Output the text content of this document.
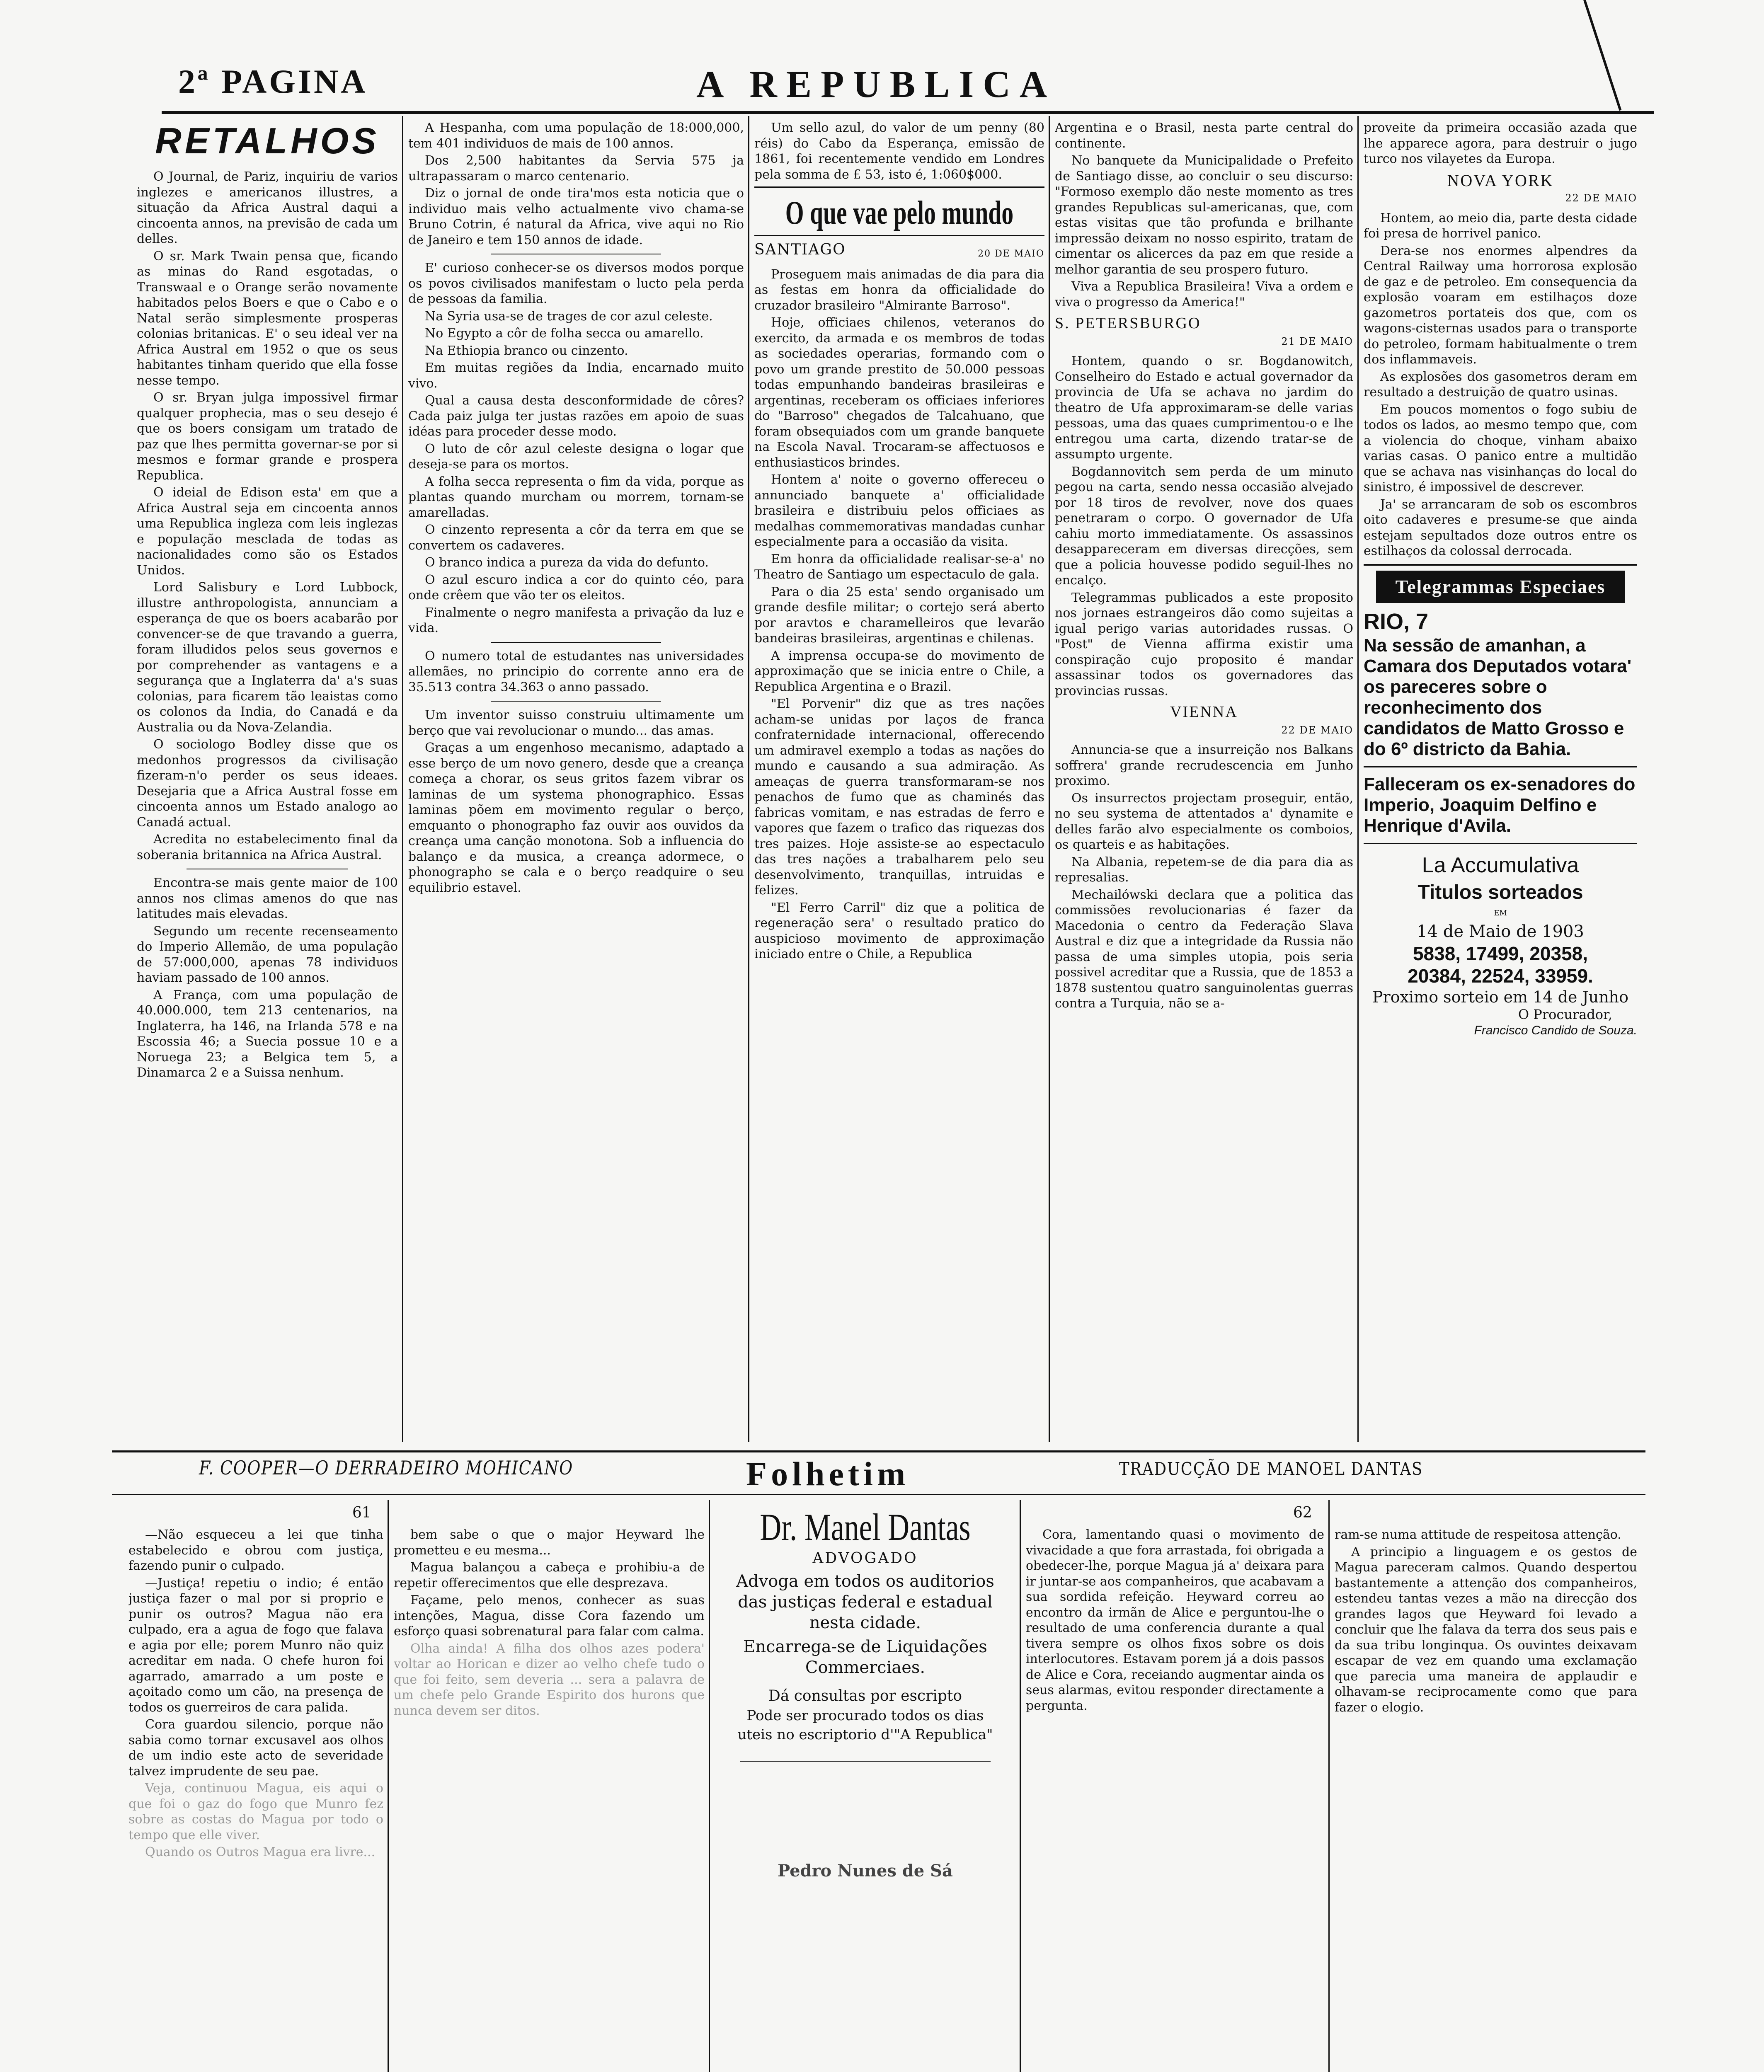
2ª PAGINA	A REPUBLICA
RETALHOS

O Journal, de Pariz, inquiriu de varios inglezes e americanos illustres, a situação da Africa Austral daqui a cincoenta annos, na previsão de cada um delles.

O sr. Mark Twain pensa que, ficando as minas do Rand esgotadas, o Transwaal e o Orange serão novamente habitados pelos Boers e que o Cabo e o Natal serão simplesmente prosperas colonias britanicas. E' o seu ideal ver na Africa Austral em 1952 o que os seus habitantes tinham querido que ella fosse nesse tempo.

O sr. Bryan julga impossivel firmar qualquer prophecia, mas o seu desejo é que os boers consigam um tratado de paz que lhes permitta governar-se por si mesmos e formar grande e prospera Republica.

O ideial de Edison esta' em que a Africa Austral seja em cincoenta annos uma Republica ingleza com leis inglezas e população mesclada de todas as nacionalidades como são os Estados Unidos.

Lord Salisbury e Lord Lubbock, illustre anthropologista, annunciam a esperança de que os boers acabarão por convencer-se de que travando a guerra, foram illudidos pelos seus governos e por comprehender as vantagens e a segurança que a Inglaterra da' a's suas colonias, para ficarem tão leaistas como os colonos da India, do Canadá e da Australia ou da Nova-Zelandia.

O sociologo Bodley disse que os medonhos progressos da civilisação fizeram-n'o perder os seus ideaes. Desejaria que a Africa Austral fosse em cincoenta annos um Estado analogo ao Canadá actual.

Acredita no estabelecimento final da soberania britannica na Africa Austral.

Encontra-se mais gente maior de 100 annos nos climas amenos do que nas latitudes mais elevadas.

Segundo um recente recenseamento do Imperio Allemão, de uma população de 57:000,000, apenas 78 individuos haviam passado de 100 annos.

A França, com uma população de 40.000.000, tem 213 centenarios, na Inglaterra, ha 146, na Irlanda 578 e na Escossia 46; a Suecia possue 10 e a Noruega 23; a Belgica tem 5, a Dinamarca 2 e a Suissa nenhum.

A Hespanha, com uma população de 18:000,000, tem 401 individuos de mais de 100 annos.

Dos 2,500 habitantes da Servia 575 ja ultrapassaram o marco centenario.

Diz o jornal de onde tira'mos esta noticia que o individuo mais velho actualmente vivo chama-se Bruno Cotrin, é natural da Africa, vive aqui no Rio de Janeiro e tem 150 annos de idade.

E' curioso conhecer-se os diversos modos porque os povos civilisados manifestam o lucto pela perda de pessoas da familia.

Na Syria usa-se de trages de cor azul celeste.

No Egypto a côr de folha secca ou amarello.

Na Ethiopia branco ou cinzento.

Em muitas regiões da India, encarnado muito vivo.

Qual a causa desta desconformidade de côres? Cada paiz julga ter justas razões em apoio de suas idéas para proceder desse modo.

O luto de côr azul celeste designa o logar que deseja-se para os mortos.

A folha secca representa o fim da vida, porque as plantas quando murcham ou morrem, tornam-se amarelladas.

O cinzento representa a côr da terra em que se convertem os cadaveres.

O branco indica a pureza da vida do defunto.

O azul escuro indica a cor do quinto céo, para onde crêem que vão ter os eleitos.

Finalmente o negro manifesta a privação da luz e vida.

O numero total de estudantes nas universidades allemães, no principio do corrente anno era de 35.513 contra 34.363 o anno passado.

Um inventor suisso construiu ultimamente um berço que vai revolucionar o mundo... das amas.

Graças a um engenhoso mecanismo, adaptado a esse berço de um novo genero, desde que a creança começa a chorar, os seus gritos fazem vibrar os laminas de um systema phonographico. Essas laminas põem em movimento regular o berço, emquanto o phonographo faz ouvir aos ouvidos da creança uma canção monotona. Sob a influencia do balanço e da musica, a creança adormece, o phonographo se cala e o berço readquire o seu equilibrio estavel.

Um sello azul, do valor de um penny (80 réis) do Cabo da Esperança, emissão de 1861, foi recentemente vendido em Londres pela somma de £ 53, isto é, 1:060$000.

O que vae pelo mundo
SANTIAGO	20 DE MAIO

Proseguem mais animadas de dia para dia as festas em honra da officialidade do cruzador brasileiro "Almirante Barroso".

Hoje, officiaes chilenos, veteranos do exercito, da armada e os membros de todas as sociedades operarias, formando com o povo um grande prestito de 50.000 pessoas todas empunhando bandeiras brasileiras e argentinas, receberam os officiaes inferiores do "Barroso" chegados de Talcahuano, que foram obsequiados com um grande banquete na Escola Naval. Trocaram-se affectuosos e enthusiasticos brindes.

Hontem a' noite o governo offereceu o annunciado banquete a' officialidade brasileira e distribuiu pelos officiaes as medalhas commemorativas mandadas cunhar especialmente para a occasião da visita.

Em honra da officialidade realisar-se-a' no Theatro de Santiago um espectaculo de gala.

Para o dia 25 esta' sendo organisado um grande desfile militar; o cortejo será aberto por aravtos e charamelleiros que levarão bandeiras brasileiras, argentinas e chilenas.

A imprensa occupa-se do movimento de approximação que se inicia entre o Chile, a Republica Argentina e o Brazil.

"El Porvenir" diz que as tres nações acham-se unidas por laços de franca confraternidade internacional, offerecendo um admiravel exemplo a todas as nações do mundo e causando a sua admiração. As ameaças de guerra transformaram-se nos penachos de fumo que as chaminés das fabricas vomitam, e nas estradas de ferro e vapores que fazem o trafico das riquezas dos tres paizes. Hoje assiste-se ao espectaculo das tres nações a trabalharem pelo seu desenvolvimento, tranquillas, intruidas e felizes.

"El Ferro Carril" diz que a politica de regeneração sera' o resultado pratico do auspicioso movimento de approximação iniciado entre o Chile, a Republica

Argentina e o Brasil, nesta parte central do continente.

No banquete da Municipalidade o Prefeito de Santiago disse, ao concluir o seu discurso: "Formoso exemplo dão neste momento as tres grandes Republicas sul-americanas, que, com estas visitas que tão profunda e brilhante impressão deixam no nosso espirito, tratam de cimentar os alicerces da paz em que reside a melhor garantia de seu prospero futuro.

Viva a Republica Brasileira! Viva a ordem e viva o progresso da America!"

S. PETERSBURGO
21 DE MAIO

Hontem, quando o sr. Bogdanowitch, Conselheiro do Estado e actual governador da provincia de Ufa se achava no jardim do theatro de Ufa approximaram-se delle varias pessoas, uma das quaes cumprimentou-o e lhe entregou uma carta, dizendo tratar-se de assumpto urgente.

Bogdannovitch sem perda de um minuto pegou na carta, sendo nessa occasião alvejado por 18 tiros de revolver, nove dos quaes penetraram o corpo. O governador de Ufa cahiu morto immediatamente. Os assassinos desappareceram em diversas direcções, sem que a policia houvesse podido seguil-lhes no encalço.

Telegrammas publicados a este proposito nos jornaes estrangeiros dão como sujeitas a igual perigo varias autoridades russas. O "Post" de Vienna affirma existir uma conspiração cujo proposito é mandar assassinar todos os governadores das provincias russas.

VIENNA
22 DE MAIO

Annuncia-se que a insurreição nos Balkans soffrera' grande recrudescencia em Junho proximo.

Os insurrectos projectam proseguir, então, no seu systema de attentados a' dynamite e delles farão alvo especialmente os comboios, os quarteis e as habitações.

Na Albania, repetem-se de dia para dia as represalias.

Mechailówski declara que a politica das commissões revolucionarias é fazer da Macedonia o centro da Federação Slava Austral e diz que a integridade da Russia não passa de uma simples utopia, pois seria possivel acreditar que a Russia, que de 1853 a 1878 sustentou quatro sanguinolentas guerras contra a Turquia, não se a-

proveite da primeira occasião azada que lhe apparece agora, para destruir o jugo turco nos vilayetes da Europa.

NOVA YORK
22 DE MAIO

Hontem, ao meio dia, parte desta cidade foi presa de horrivel panico.

Dera-se nos enormes alpendres da Central Railway uma horrorosa explosão de gaz e de petroleo. Em consequencia da explosão voaram em estilhaços doze gazometros portateis dos que, com os wagons-cisternas usados para o transporte do petroleo, formam habitualmente o trem dos inflammaveis.

As explosões dos gasometros deram em resultado a destruição de quatro usinas.

Em poucos momentos o fogo subiu de todos os lados, ao mesmo tempo que, com a violencia do choque, vinham abaixo varias casas. O panico entre a multidão que se achava nas visinhanças do local do sinistro, é impossivel de descrever.

Ja' se arrancaram de sob os escombros oito cadaveres e presume-se que ainda estejam sepultados doze outros entre os estilhaços da colossal derrocada.

Telegrammas Especiaes
RIO, 7
Na sessão de amanhan, a Camara dos Deputados votara' os pareceres sobre o reconhecimento dos candidatos de Matto Grosso e do 6º districto da Bahia.
Falleceram os ex-senadores do Imperio, Joaquim Delfino e Henrique d'Avila.
La Accumulativa
Titulos sorteados
EM
14 de Maio de 1903
5838, 17499, 20358,
20384, 22524, 33959.
Proximo sorteio em 14 de Junho
O Procurador,
Francisco Candido de Souza.
F. COOPER—O DERRADEIRO MOHICANO	Folhetim	TRADUCÇÃO DE MANOEL DANTAS
61	62

—Não esqueceu a lei que tinha estabelecido e obrou com justiça, fazendo punir o culpado.

—Justiça! repetiu o indio; é então justiça fazer o mal por si proprio e punir os outros? Magua não era culpado, era a agua de fogo que falava e agia por elle; porem Munro não quiz acreditar em nada. O chefe huron foi agarrado, amarrado a um poste e açoitado como um cão, na presença de todos os guerreiros de cara palida.

Cora guardou silencio, porque não sabia como tornar excusavel aos olhos de um indio este acto de severidade talvez imprudente de seu pae.

Veja, continuou Magua, eis aqui o que foi o gaz do fogo que Munro fez sobre as costas do Magua por todo o tempo que elle viver.

Quando os Outros Magua era livre...

bem sabe o que o major Heyward lhe prometteu e eu mesma...

Magua balançou a cabeça e prohibiu-a de repetir offerecimentos que elle desprezava.

Façame, pelo menos, conhecer as suas intenções, Magua, disse Cora fazendo um esforço quasi sobrenatural para falar com calma.

Olha ainda! A filha dos olhos azes podera' voltar ao Horican e dizer ao velho chefe tudo o que foi feito, sem deveria ... sera a palavra de um chefe pelo Grande Espirito dos hurons que nunca devem ser ditos.

Dr. Manel Dantas
ADVOGADO
Advoga em todos os auditorios das justiças federal e estadual nesta cidade.
Encarrega-se de Liquidações Commerciaes.
Dá consultas por escripto
Pode ser procurado todos os dias uteis no escriptorio d'"A Republica"
Pedro Nunes de Sá

Cora, lamentando quasi o movimento de vivacidade a que fora arrastada, foi obrigada a obedecer-lhe, porque Magua já a' deixara para ir juntar-se aos companheiros, que acabavam a sua sordida refeição. Heyward correu ao encontro da irmãn de Alice e perguntou-lhe o resultado de uma conferencia durante a qual tivera sempre os olhos fixos sobre os dois interlocutores. Estavam porem já a dois passos de Alice e Cora, receiando augmentar ainda os seus alarmas, evitou responder directamente a pergunta.

ram-se numa attitude de respeitosa attenção.

A principio a linguagem e os gestos de Magua pareceram calmos. Quando despertou bastantemente a attenção dos companheiros, estendeu tantas vezes a mão na direcção dos grandes lagos que Heyward foi levado a concluir que lhe falava da terra dos seus pais e da sua tribu longinqua. Os ouvintes deixavam escapar de vez em quando uma exclamação que parecia uma maneira de applaudir e olhavam-se reciprocamente como que para fazer o elogio.
